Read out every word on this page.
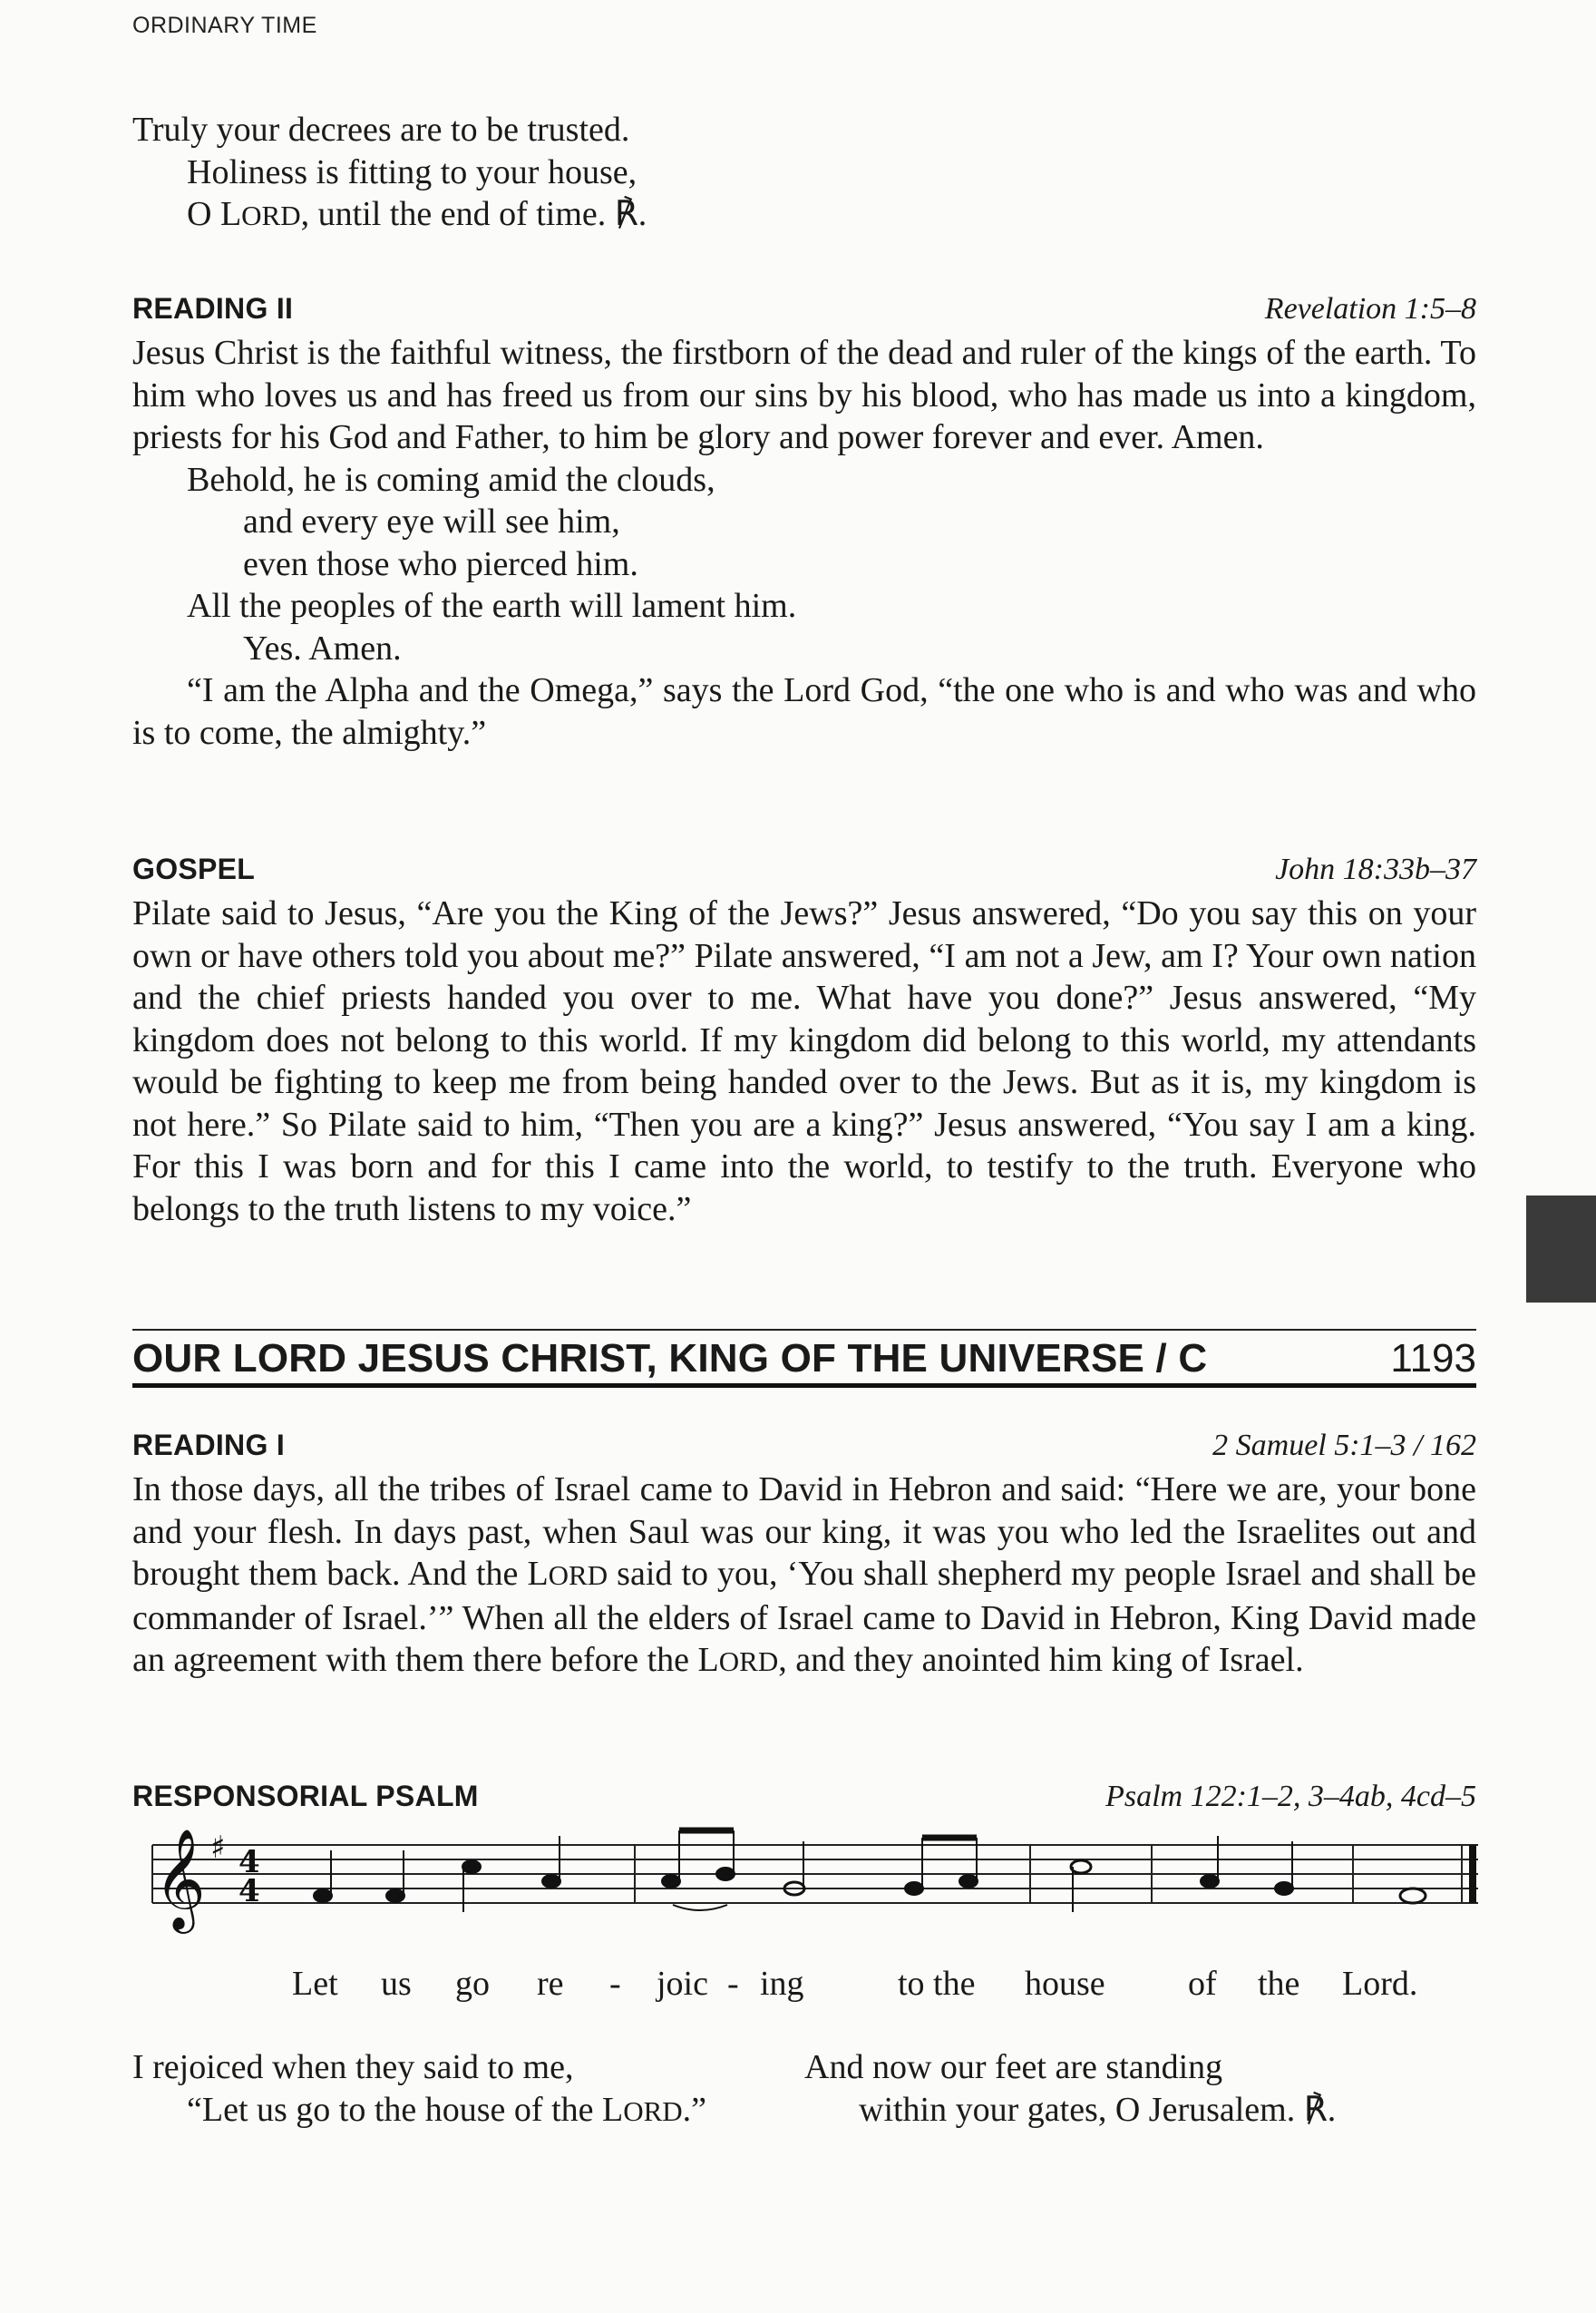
ORDINARY TIME

Truly your decrees are to be trusted.

Holiness is fitting to your house,

O LORD, until the end of time. ℟.

READING II	Revelation 1:5–8

Jesus Christ is the faithful witness, the firstborn of the dead and ruler of the kings of the earth. To him who loves us and has freed us from our sins by his blood, who has made us into a kingdom, priests for his God and Father, to him be glory and power forever and ever. Amen.

Behold, he is coming amid the clouds,

and every eye will see him,

even those who pierced him.

All the peoples of the earth will lament him.

Yes. Amen.

“I am the Alpha and the Omega,” says the Lord God, “the one who is and who was and who is to come, the almighty.”

GOSPEL	John 18:33b–37

Pilate said to Jesus, “Are you the King of the Jews?” Jesus answered, “Do you say this on your own or have others told you about me?” Pilate answered, “I am not a Jew, am I? Your own nation and the chief priests handed you over to me. What have you done?” Jesus answered, “My kingdom does not belong to this world. If my kingdom did belong to this world, my attendants would be fighting to keep me from being handed over to the Jews. But as it is, my kingdom is not here.” So Pilate said to him, “Then you are a king?” Jesus answered, “You say I am a king. For this I was born and for this I came into the world, to testify to the truth. Everyone who belongs to the truth listens to my voice.”

OUR LORD JESUS CHRIST, KING OF THE UNIVERSE / C	1193
READING I	2 Samuel 5:1–3 / 162

In those days, all the tribes of Israel came to David in Hebron and said: “Here we are, your bone and your flesh. In days past, when Saul was our king, it was you who led the Israelites out and brought them back. And the LORD said to you, ‘You shall shepherd my people Israel and shall be commander of Israel.’” When all the elders of Israel came to David in Hebron, King David made an agreement with them there before the LORD, and they anointed him king of Israel.

RESPONSORIAL PSALM	Psalm 122:1–2, 3–4ab, 4cd–5
𝄞 ♯ 4
4
Let us go re - joic - ing	to the house of the Lord.

I rejoiced when they said to me,

“Let us go to the house of the LORD.”

And now our feet are standing

within your gates, O Jerusalem. ℟.
